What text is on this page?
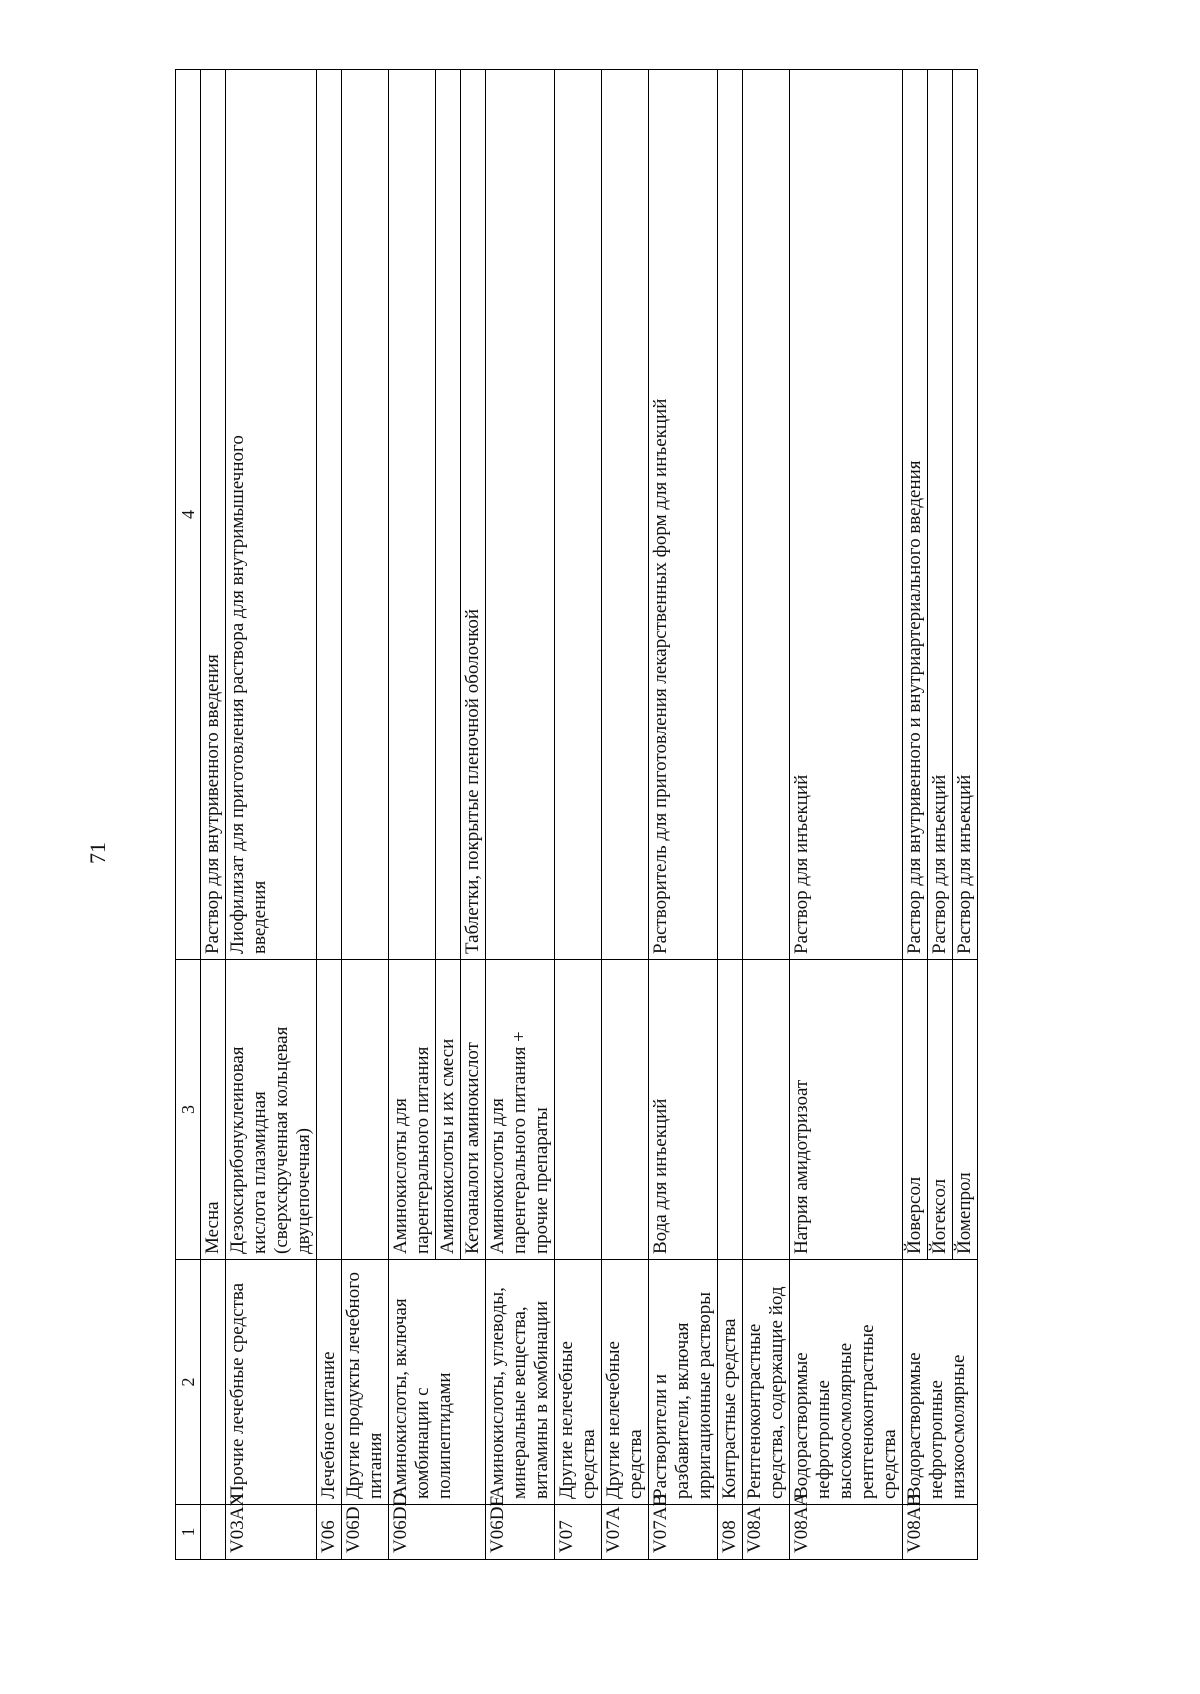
71
1	2	3	4
		Месна	Раствор для внутривенного введения
V03AX	Прочие лечебные средства	Дезоксирибонуклеиновая кислота плазмидная (сверхскрученная кольцевая двуцепочечная)	Лиофилизат для приготовления раствора для внутримышечного введения

V06	Лечебное питание		
V06D	Другие продукты лечебного питания		

V06DD	Аминокислоты, включая комбинации с полипептидами	Аминокислоты для парентерального питания	

		Аминокислоты и их смеси	
		Кетоаналоги аминокислот	Таблетки, покрытые пленочной оболочкой
V06DE	Аминокислоты, углеводы, минеральные вещества, витамины в комбинации	Аминокислоты для парентерального питания + прочие препараты	

V07	Другие нелечебные средства		

V07A	Другие нелечебные средства		

V07AB	Растворители и разбавители, включая ирригационные растворы	Вода для инъекций	Растворитель для приготовления лекарственных форм для инъекций
V08	Контрастные средства		
V08A	Рентгеноконтрастные средства, содержащие йод		

V08AA	Водорастворимые нефротропные высокоосмолярные рентгеноконтрастные средства	Натрия амидотризоат	Раствор для инъекций
V08AB	Водорастворимые нефротропные низкоосмолярные	Йоверсол	Раствор для внутривенного и внутриартериального введения
		Йогексол	Раствор для инъекций
		Йомепрол	Раствор для инъекций
